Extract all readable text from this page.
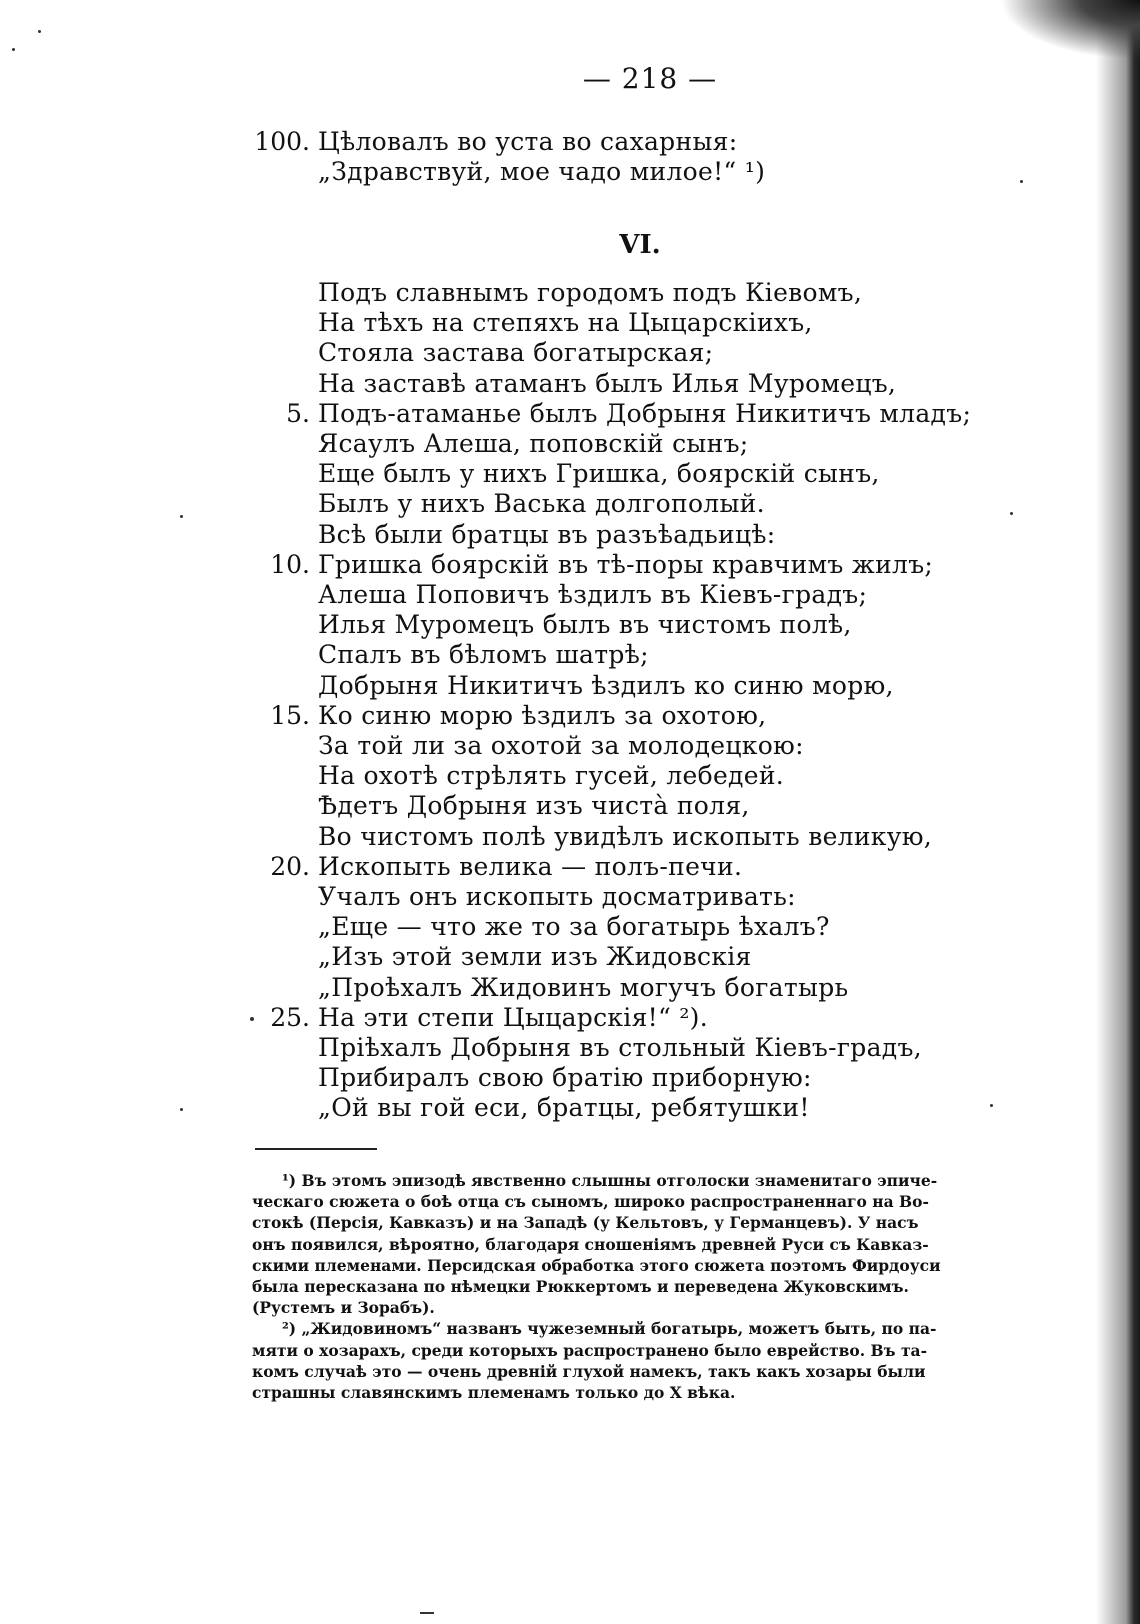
— 218 —
100. Цѣловалъ во уста во сахарныя:
„Здравствуй, мое чадо милое!“ ¹)
VI.
Подъ славнымъ городомъ подъ Кіевомъ,
На тѣхъ на степяхъ на Цыцарскіихъ,
Стояла застава богатырская;
На заставѣ атаманъ былъ Илья Муромецъ,
5. Подъ-атаманье былъ Добрыня Никитичъ младъ;
Ясаулъ Алеша, поповскій сынъ;
Еще былъ у нихъ Гришка, боярскій сынъ,
Былъ у нихъ Васька долгополый.
Всѣ были братцы въ разъѣадьицѣ:
10. Гришка боярскій въ тѣ-поры кравчимъ жилъ;
Алеша Поповичъ ѣздилъ въ Кіевъ-градъ;
Илья Муромецъ былъ въ чистомъ полѣ,
Спалъ въ бѣломъ шатрѣ;
Добрыня Никитичъ ѣздилъ ко синю морю,
15. Ко синю морю ѣздилъ за охотою,
За той ли за охотой за молодецкою:
На охотѣ стрѣлять гусей, лебедей.
Ѣдетъ Добрыня изъ чиста̀ поля,
Во чистомъ полѣ увидѣлъ ископыть великую,
20. Ископыть велика — полъ-печи.
Учалъ онъ ископыть досматривать:
„Еще — что же то за богатырь ѣхалъ?
„Изъ этой земли изъ Жидовскія
„Проѣхалъ Жидовинъ могучъ богатырь
25. На эти степи Цыцарскія!“ ²).
Пріѣхалъ Добрыня въ стольный Кіевъ-градъ,
Прибиралъ свою братію приборную:
„Ой вы гой еси, братцы, ребятушки!
¹) Въ этомъ эпизодѣ явственно слышны отголоски знаменитаго эпиче-
ческаго сюжета о боѣ отца съ сыномъ, широко распространеннаго на Во-
стокѣ (Персія, Кавказъ) и на Западѣ (у Кельтовъ, у Германцевъ). У насъ
онъ появился, вѣроятно, благодаря сношеніямъ древней Руси съ Кавказ-
скими племенами. Персидская обработка этого сюжета поэтомъ Фирдоуси
была пересказана по нѣмецки Рюккертомъ и переведена Жуковскимъ.
(Рустемъ и Зорабъ).
²) „Жидовиномъ“ названъ чужеземный богатырь, можетъ быть, по па-
мяти о хозарахъ, среди которыхъ распространено было еврейство. Въ та-
комъ случаѣ это — очень древній глухой намекъ, такъ какъ хозары были
страшны славянскимъ племенамъ только до X вѣка.
